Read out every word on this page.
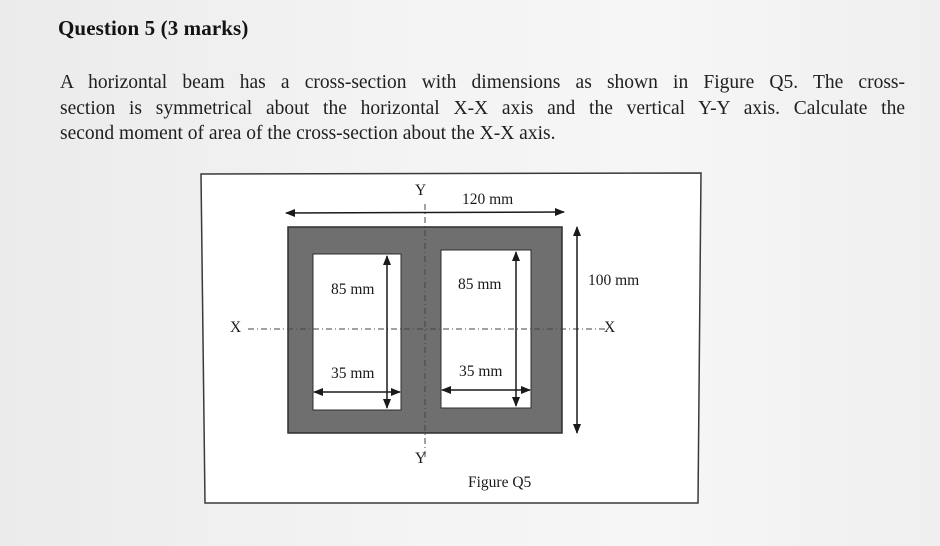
Question 5 (3 marks)
A horizontal beam has a cross-section with dimensions as shown in Figure Q5. The cross-
section is symmetrical about the horizontal X-X axis and the vertical Y-Y axis. Calculate the
second moment of area of the cross-section about the X-X axis.
Y
Y
X	X
120 mm
100 mm
85 mm
35 mm
85 mm
35 mm
Figure Q5
